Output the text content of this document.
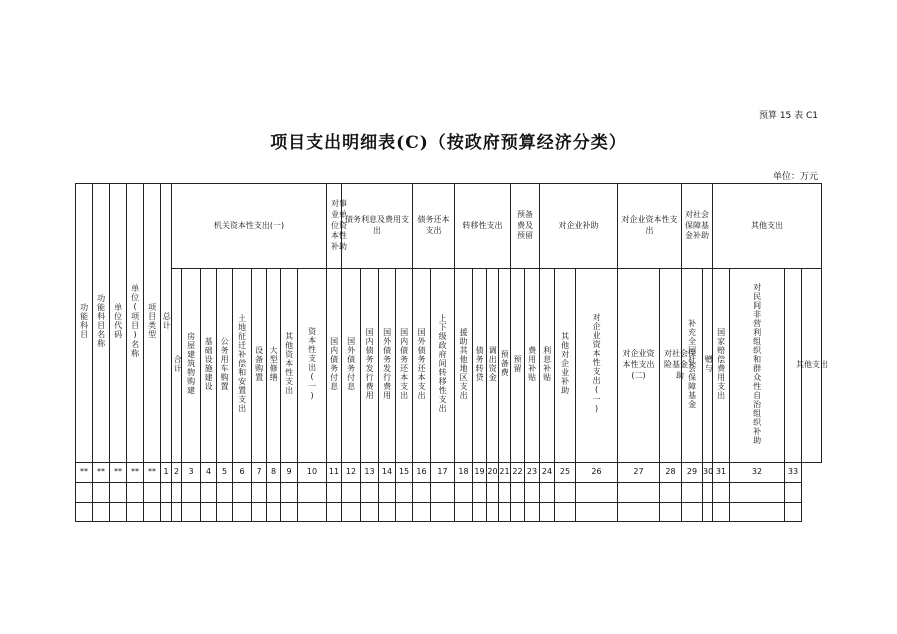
预算 15 表 C1
项目支出明细表(C)（按政府预算经济分类）
单位：万元
功能科目	功能科目名称	单位代码	单位(项目)名称	项目类型	总计	机关资本性支出(一)									对事业单位资本性补助	债务利息及费用支出				债务还本支出		转移性支出				预备费及预留		对企业补助			对企业资本性支出		对社会保障基金补助		其他支出			
						合计	房屋建筑物购建	基础设施建设	公务用车购置	土地征迁补偿和安置支出	设备购置	大型修缮	其他资本性支出	资本性支出(一)	国内债务付息	国外债务付息	国内债务发行费用	国外债务发行费用	国内债务还本支出	国外债务还本支出	上下级政府间转移性支出	援助其他地区支出	债务转贷	调出资金	预备费	预留	费用补贴	利息补贴	其他对企业补助	对企业资本性支出(一)	对企业资本性支出(二)	对社会保险基金补助	补充全国社会保障基金	赠与	国家赔偿费用支出	对民间非营利组织和群众性自治组织补助	其他支出	
**	**	**	**	**	1	2	3	4	5	6	7	8	9	10	11	12	13	14	15	16	17	18	19	20	21	22	23	24	25	26	27	28	29	30	31	32	33	
